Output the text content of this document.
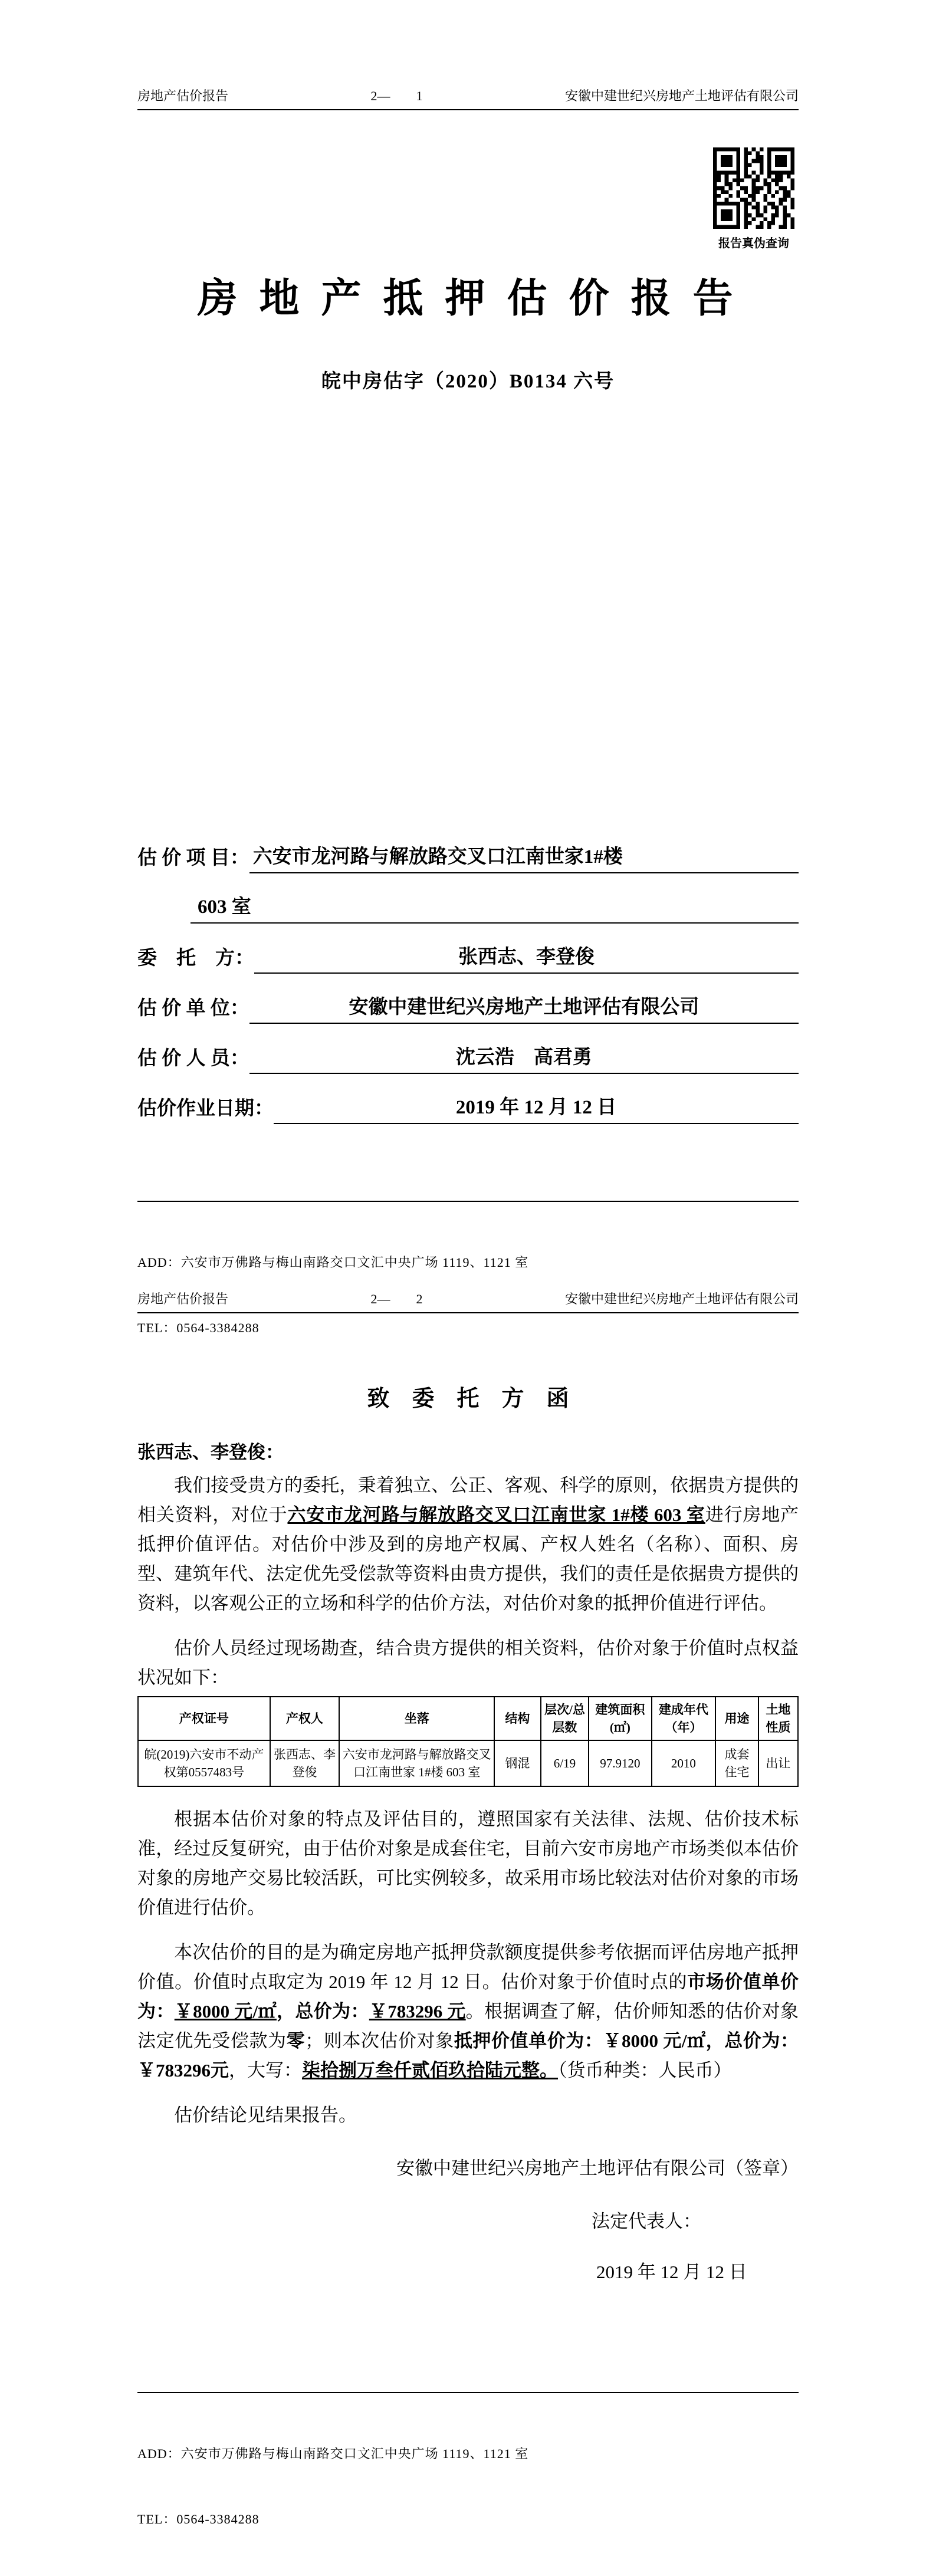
房地产估价报告	2—　　1	安徽中建世纪兴房地产土地评估有限公司
报告真伪查询
房 地 产 抵 押 估 价 报 告
皖中房估字（2020）B0134 六号
估 价 项 目： 六安市龙河路与解放路交叉口江南世家1#楼
603 室
委　托　方：	张西志、李登俊
估 价 单 位：	安徽中建世纪兴房地产土地评估有限公司
估 价 人 员：	沈云浩　高君勇
估价作业日期：	2019 年 12 月 12 日

ADD：六安市万佛路与梅山南路交口文汇中央广场 1119、1121 室

TEL：0564-3384288

房地产估价报告	2—　　2	安徽中建世纪兴房地产土地评估有限公司
致　委　托　方　函
张西志、李登俊：

我们接受贵方的委托，秉着独立、公正、客观、科学的原则，依据贵方提供的相关资料，对位于六安市龙河路与解放路交叉口江南世家 1#楼 603 室进行房地产抵押价值评估。对估价中涉及到的房地产权属、产权人姓名（名称）、面积、房型、建筑年代、法定优先受偿款等资料由贵方提供，我们的责任是依据贵方提供的资料，以客观公正的立场和科学的估价方法，对估价对象的抵押价值进行评估。

估价人员经过现场勘查，结合贵方提供的相关资料，估价对象于价值时点权益状况如下：

产权证号	产权人	坐落	结构	层次/总层数	建筑面积(㎡)	建成年代（年）	用途	土地性质
皖(2019)六安市不动产权第0557483号	张西志、李登俊	六安市龙河路与解放路交叉口江南世家 1#楼 603 室	钢混	6/19	97.9120	2010	成套住宅	出让

根据本估价对象的特点及评估目的，遵照国家有关法律、法规、估价技术标准，经过反复研究，由于估价对象是成套住宅，目前六安市房地产市场类似本估价对象的房地产交易比较活跃，可比实例较多，故采用市场比较法对估价对象的市场价值进行估价。

本次估价的目的是为确定房地产抵押贷款额度提供参考依据而评估房地产抵押价值。价值时点取定为 2019 年 12 月 12 日。估价对象于价值时点的市场价值单价为：￥8000 元/㎡，总价为：￥783296 元。根据调查了解，估价师知悉的估价对象法定优先受偿款为零；则本次估价对象抵押价值单价为：￥8000 元/㎡，总价为：￥783296元，大写：柒拾捌万叁仟贰佰玖拾陆元整。（货币种类：人民币）

估价结论见结果报告。

安徽中建世纪兴房地产土地评估有限公司（签章）
法定代表人：
2019 年 12 月 12 日

ADD：六安市万佛路与梅山南路交口文汇中央广场 1119、1121 室

TEL：0564-3384288
